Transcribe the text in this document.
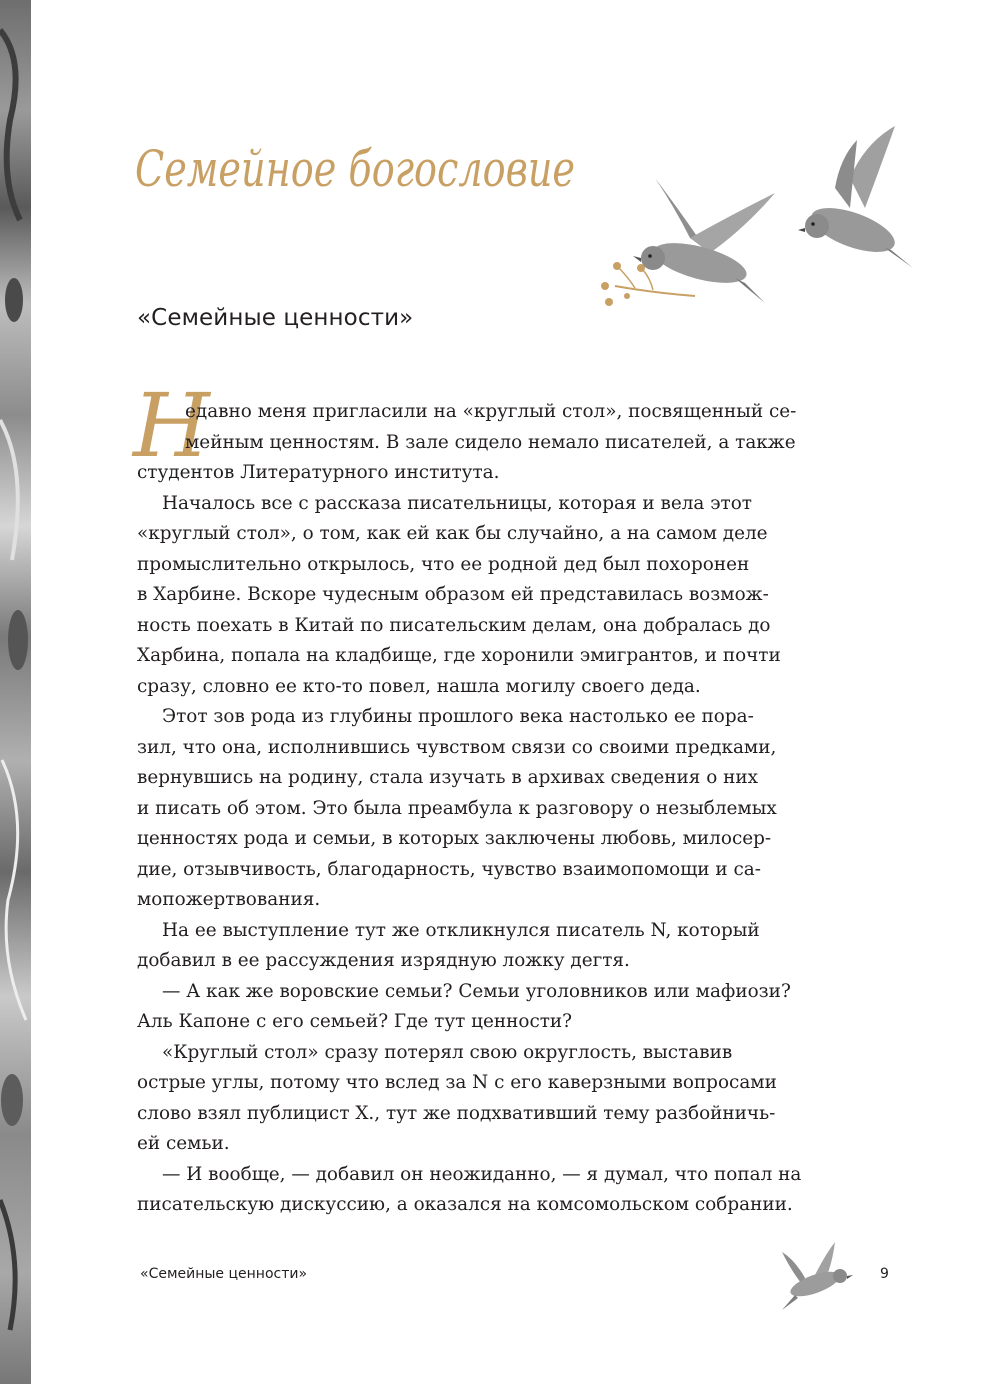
Семейное богословие
«Семейные ценности»
Н
едавно меня пригласили на «круглый стол», посвященный се-
мейным ценностям. В зале сидело немало писателей, а также
студентов Литературного института.
Началось все с рассказа писательницы, которая и вела этот
«круглый стол», о том, как ей как бы случайно, а на самом деле
промыслительно открылось, что ее родной дед был похоронен
в Харбине. Вскоре чудесным образом ей представилась возмож-
ность поехать в Китай по писательским делам, она добралась до
Харбина, попала на кладбище, где хоронили эмигрантов, и почти
сразу, словно ее кто-то повел, нашла могилу своего деда.
Этот зов рода из глубины прошлого века настолько ее пора-
зил, что она, исполнившись чувством связи со своими предками,
вернувшись на родину, стала изучать в архивах сведения о них
и писать об этом. Это была преамбула к разговору о незыблемых
ценностях рода и семьи, в которых заключены любовь, милосер-
дие, отзывчивость, благодарность, чувство взаимопомощи и са-
мопожертвования.
На ее выступление тут же откликнулся писатель N, который
добавил в ее рассуждения изрядную ложку дегтя.
— А как же воровские семьи? Семьи уголовников или мафиози?
Аль Капоне с его семьей? Где тут ценности?
«Круглый стол» сразу потерял свою округлость, выставив
острые углы, потому что вслед за N с его каверзными вопросами
слово взял публицист Х., тут же подхвативший тему разбойничь-
ей семьи.
— И вообще, — добавил он неожиданно, — я думал, что попал на
писательскую дискуссию, а оказался на комсомольском собрании.
«Семейные ценности»	9
